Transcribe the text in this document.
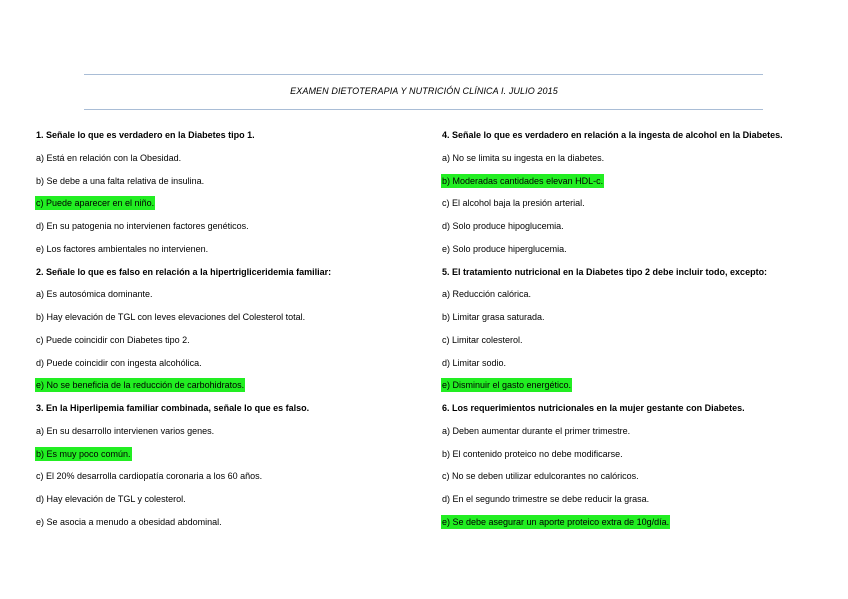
EXAMEN DIETOTERAPIA Y NUTRICIÓN CLÍNICA I. JULIO 2015
1. Señale lo que es verdadero en la Diabetes tipo 1.
a) Está en relación con la Obesidad.
b) Se debe a una falta relativa de insulina.
c) Puede aparecer en el niño.
d) En su patogenia no intervienen factores genéticos.
e) Los factores ambientales no intervienen.
2. Señale lo que es falso en relación a la hipertrigliceridemia familiar:
a) Es autosómica dominante.
b) Hay elevación de TGL con leves elevaciones del Colesterol total.
c) Puede coincidir con Diabetes tipo 2.
d) Puede coincidir con ingesta alcohólica.
e) No se beneficia de la reducción de carbohidratos.
3. En la Hiperlipemia familiar combinada, señale lo que es falso.
a) En su desarrollo intervienen varios genes.
b) Es muy poco común.
c) El 20% desarrolla cardiopatía coronaria a los 60 años.
d) Hay elevación de TGL y colesterol.
e) Se asocia a menudo a obesidad abdominal.
4. Señale lo que es verdadero en relación a la ingesta de alcohol en la Diabetes.
a) No se limita su ingesta en la diabetes.
b) Moderadas cantidades elevan HDL-c.
c) El alcohol baja la presión arterial.
d) Solo produce hipoglucemia.
e) Solo produce hiperglucemia.
5. El tratamiento nutricional en la Diabetes tipo 2 debe incluir todo, excepto:
a) Reducción calórica.
b) Limitar grasa saturada.
c) Limitar colesterol.
d) Limitar sodio.
e) Disminuir el gasto energético.
6. Los requerimientos nutricionales en la mujer gestante con Diabetes.
a) Deben aumentar durante el primer trimestre.
b) El contenido proteico no debe modificarse.
c) No se deben utilizar edulcorantes no calóricos.
d) En el segundo trimestre se debe reducir la grasa.
e) Se debe asegurar un aporte proteico extra de 10g/día.
